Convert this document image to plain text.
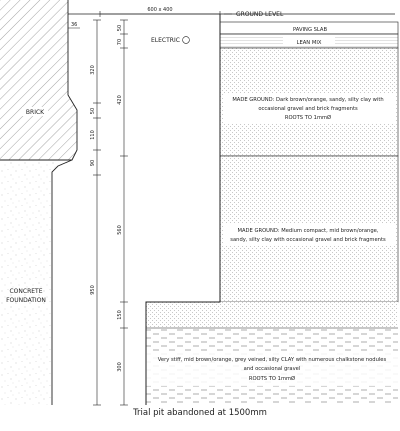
600 x 400
GROUND LEVEL
PAVING SLAB
LEAN MIX
MADE GROUND: Dark brown/orange, sandy, silty clay with
occasional gravel and brick fragments
ROOTS TO 1mmØ
MADE GROUND: Medium compact, mid brown/orange,
sandy, silty clay with occasional gravel and brick fragments
Very stiff, mid brown/orange, grey veined, silty CLAY with numerous chalkstone nodules
and occasional gravel
ROOTS TO 1mmØ
ELECTRIC
36
320
50
110
90
950
50
70
420
560
150
300
BRICK
CONCRETE
FOUNDATION
Trial pit abandoned at 1500mm
